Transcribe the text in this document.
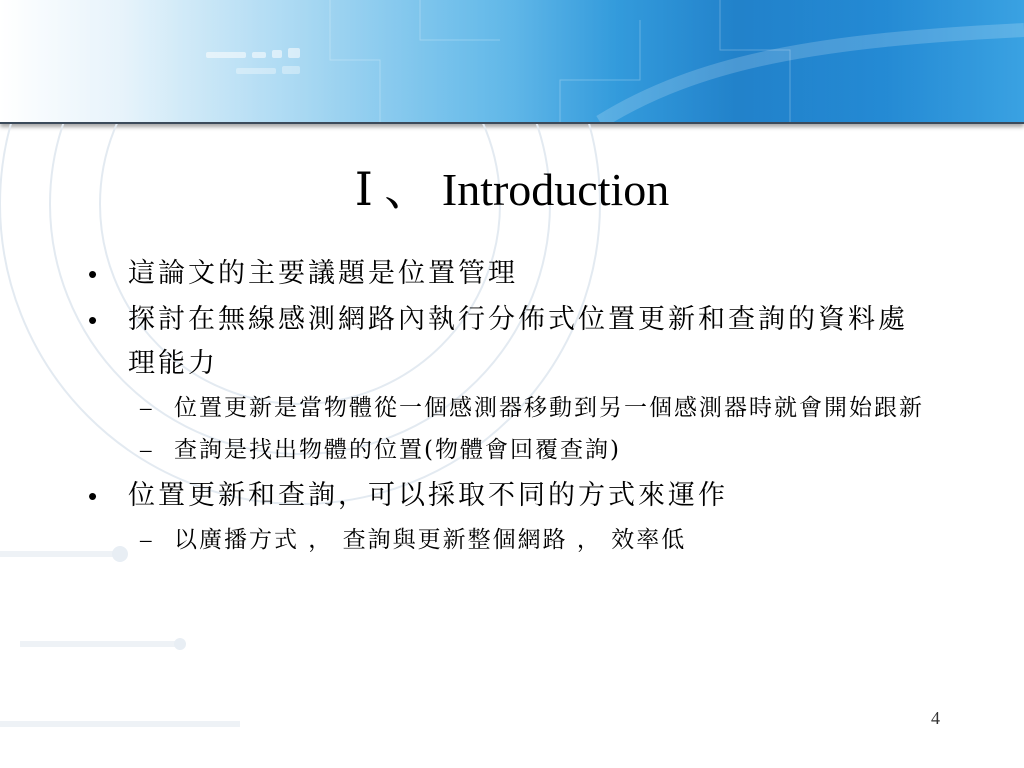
Ⅰ 、 Introduction
• 這論文的主要議題是位置管理
• 探討在無線感測網路內執行分佈式位置更新和查詢的資料處理能力
– 位置更新是當物體從一個感測器移動到另一個感測器時就會開始跟新
– 查詢是找出物體的位置(物體會回覆查詢)
• 位置更新和查詢，可以採取不同的方式來運作
– 以廣播方式 ， 查詢與更新整個網路 ， 效率低
4
